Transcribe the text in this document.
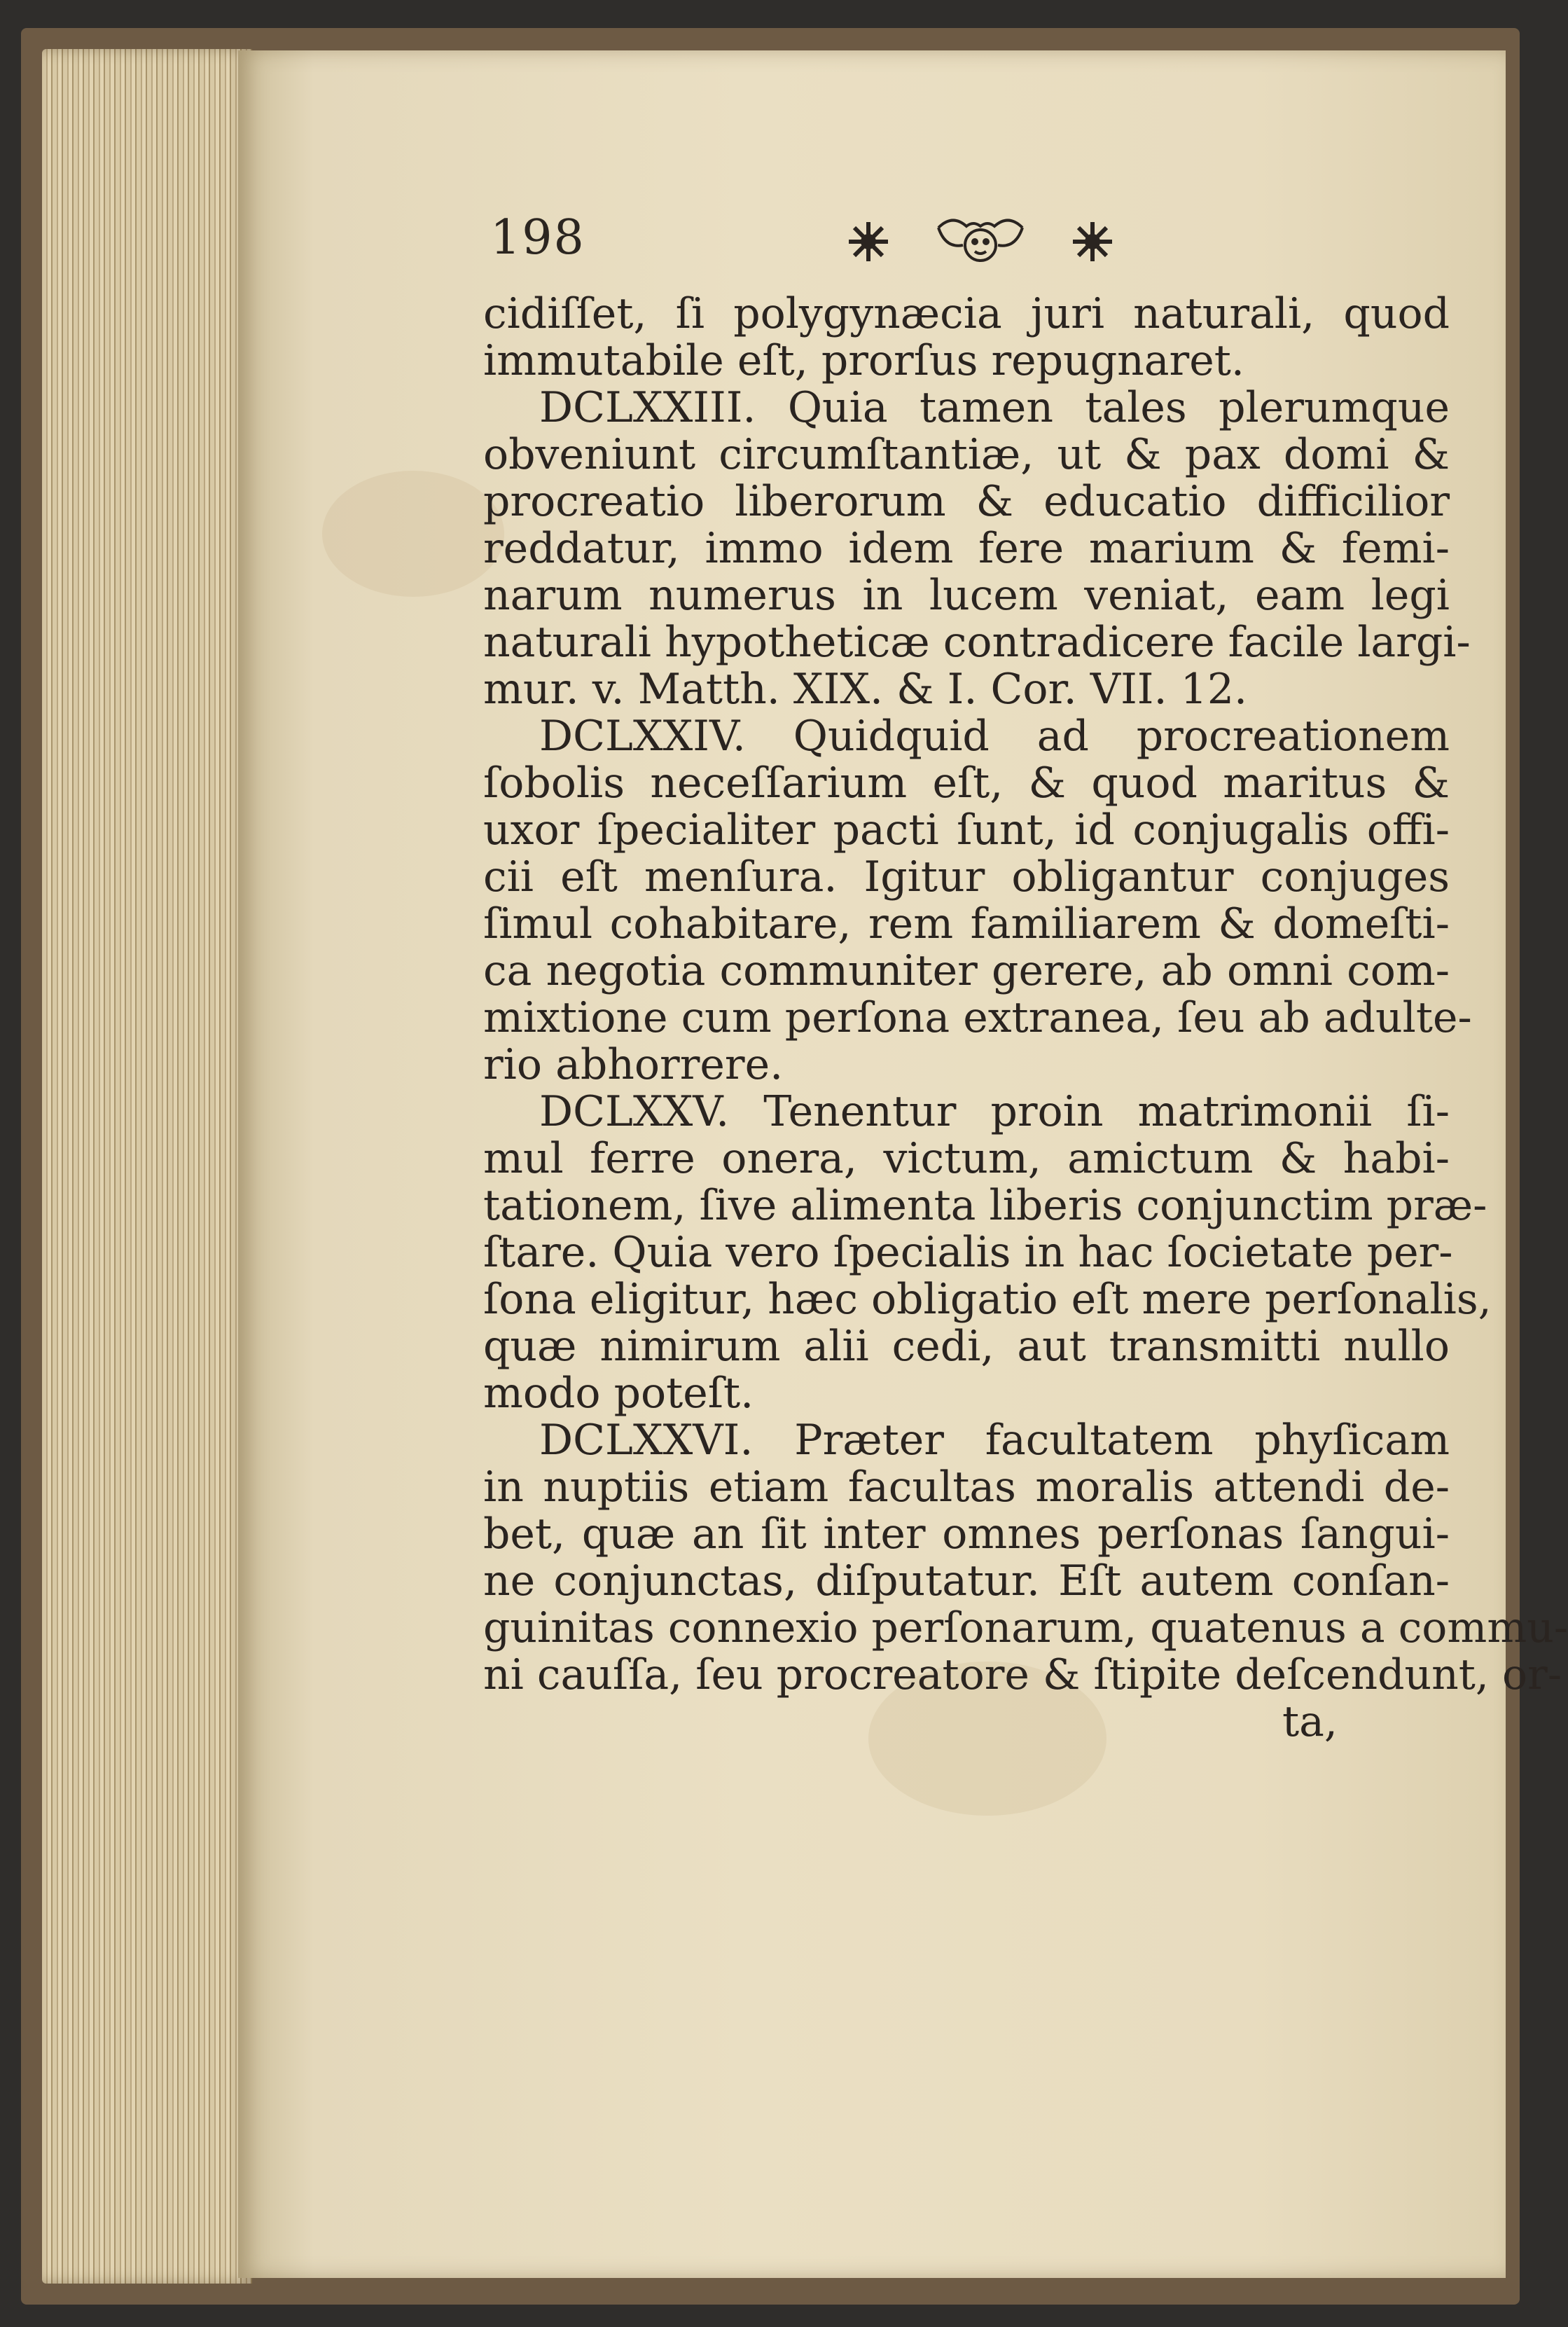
198
cidiſſet, ſi polygynæcia juri naturali, quod
immutabile eſt, prorſus repugnaret.
DCLXXIII. Quia tamen tales plerumque
obveniunt circumſtantiæ, ut & pax domi &
procreatio liberorum & educatio difficilior
reddatur, immo idem fere marium & femi-
narum numerus in lucem veniat, eam legi
naturali hypotheticæ contradicere facile largi-
mur. v. Matth. XIX. & I. Cor. VII. 12.
DCLXXIV. Quidquid ad procreationem
ſobolis neceſſarium eſt, & quod maritus &
uxor ſpecialiter pacti ſunt, id conjugalis offi-
cii eſt menſura. Igitur obligantur conjuges
ſimul cohabitare, rem familiarem & domeſti-
ca negotia communiter gerere, ab omni com-
mixtione cum perſona extranea, ſeu ab adulte-
rio abhorrere.
DCLXXV. Tenentur proin matrimonii ſi-
mul ferre onera, victum, amictum & habi-
tationem, ſive alimenta liberis conjunctim præ-
ſtare. Quia vero ſpecialis in hac ſocietate per-
ſona eligitur, hæc obligatio eſt mere perſonalis,
quæ nimirum alii cedi, aut transmitti nullo
modo poteſt.
DCLXXVI. Præter facultatem phyſicam
in nuptiis etiam facultas moralis attendi de-
bet, quæ an ſit inter omnes perſonas ſangui-
ne conjunctas, diſputatur. Eſt autem conſan-
guinitas connexio perſonarum, quatenus a commu-
ni cauſſa, ſeu procreatore & ſtipite deſcendunt, or-
ta,
